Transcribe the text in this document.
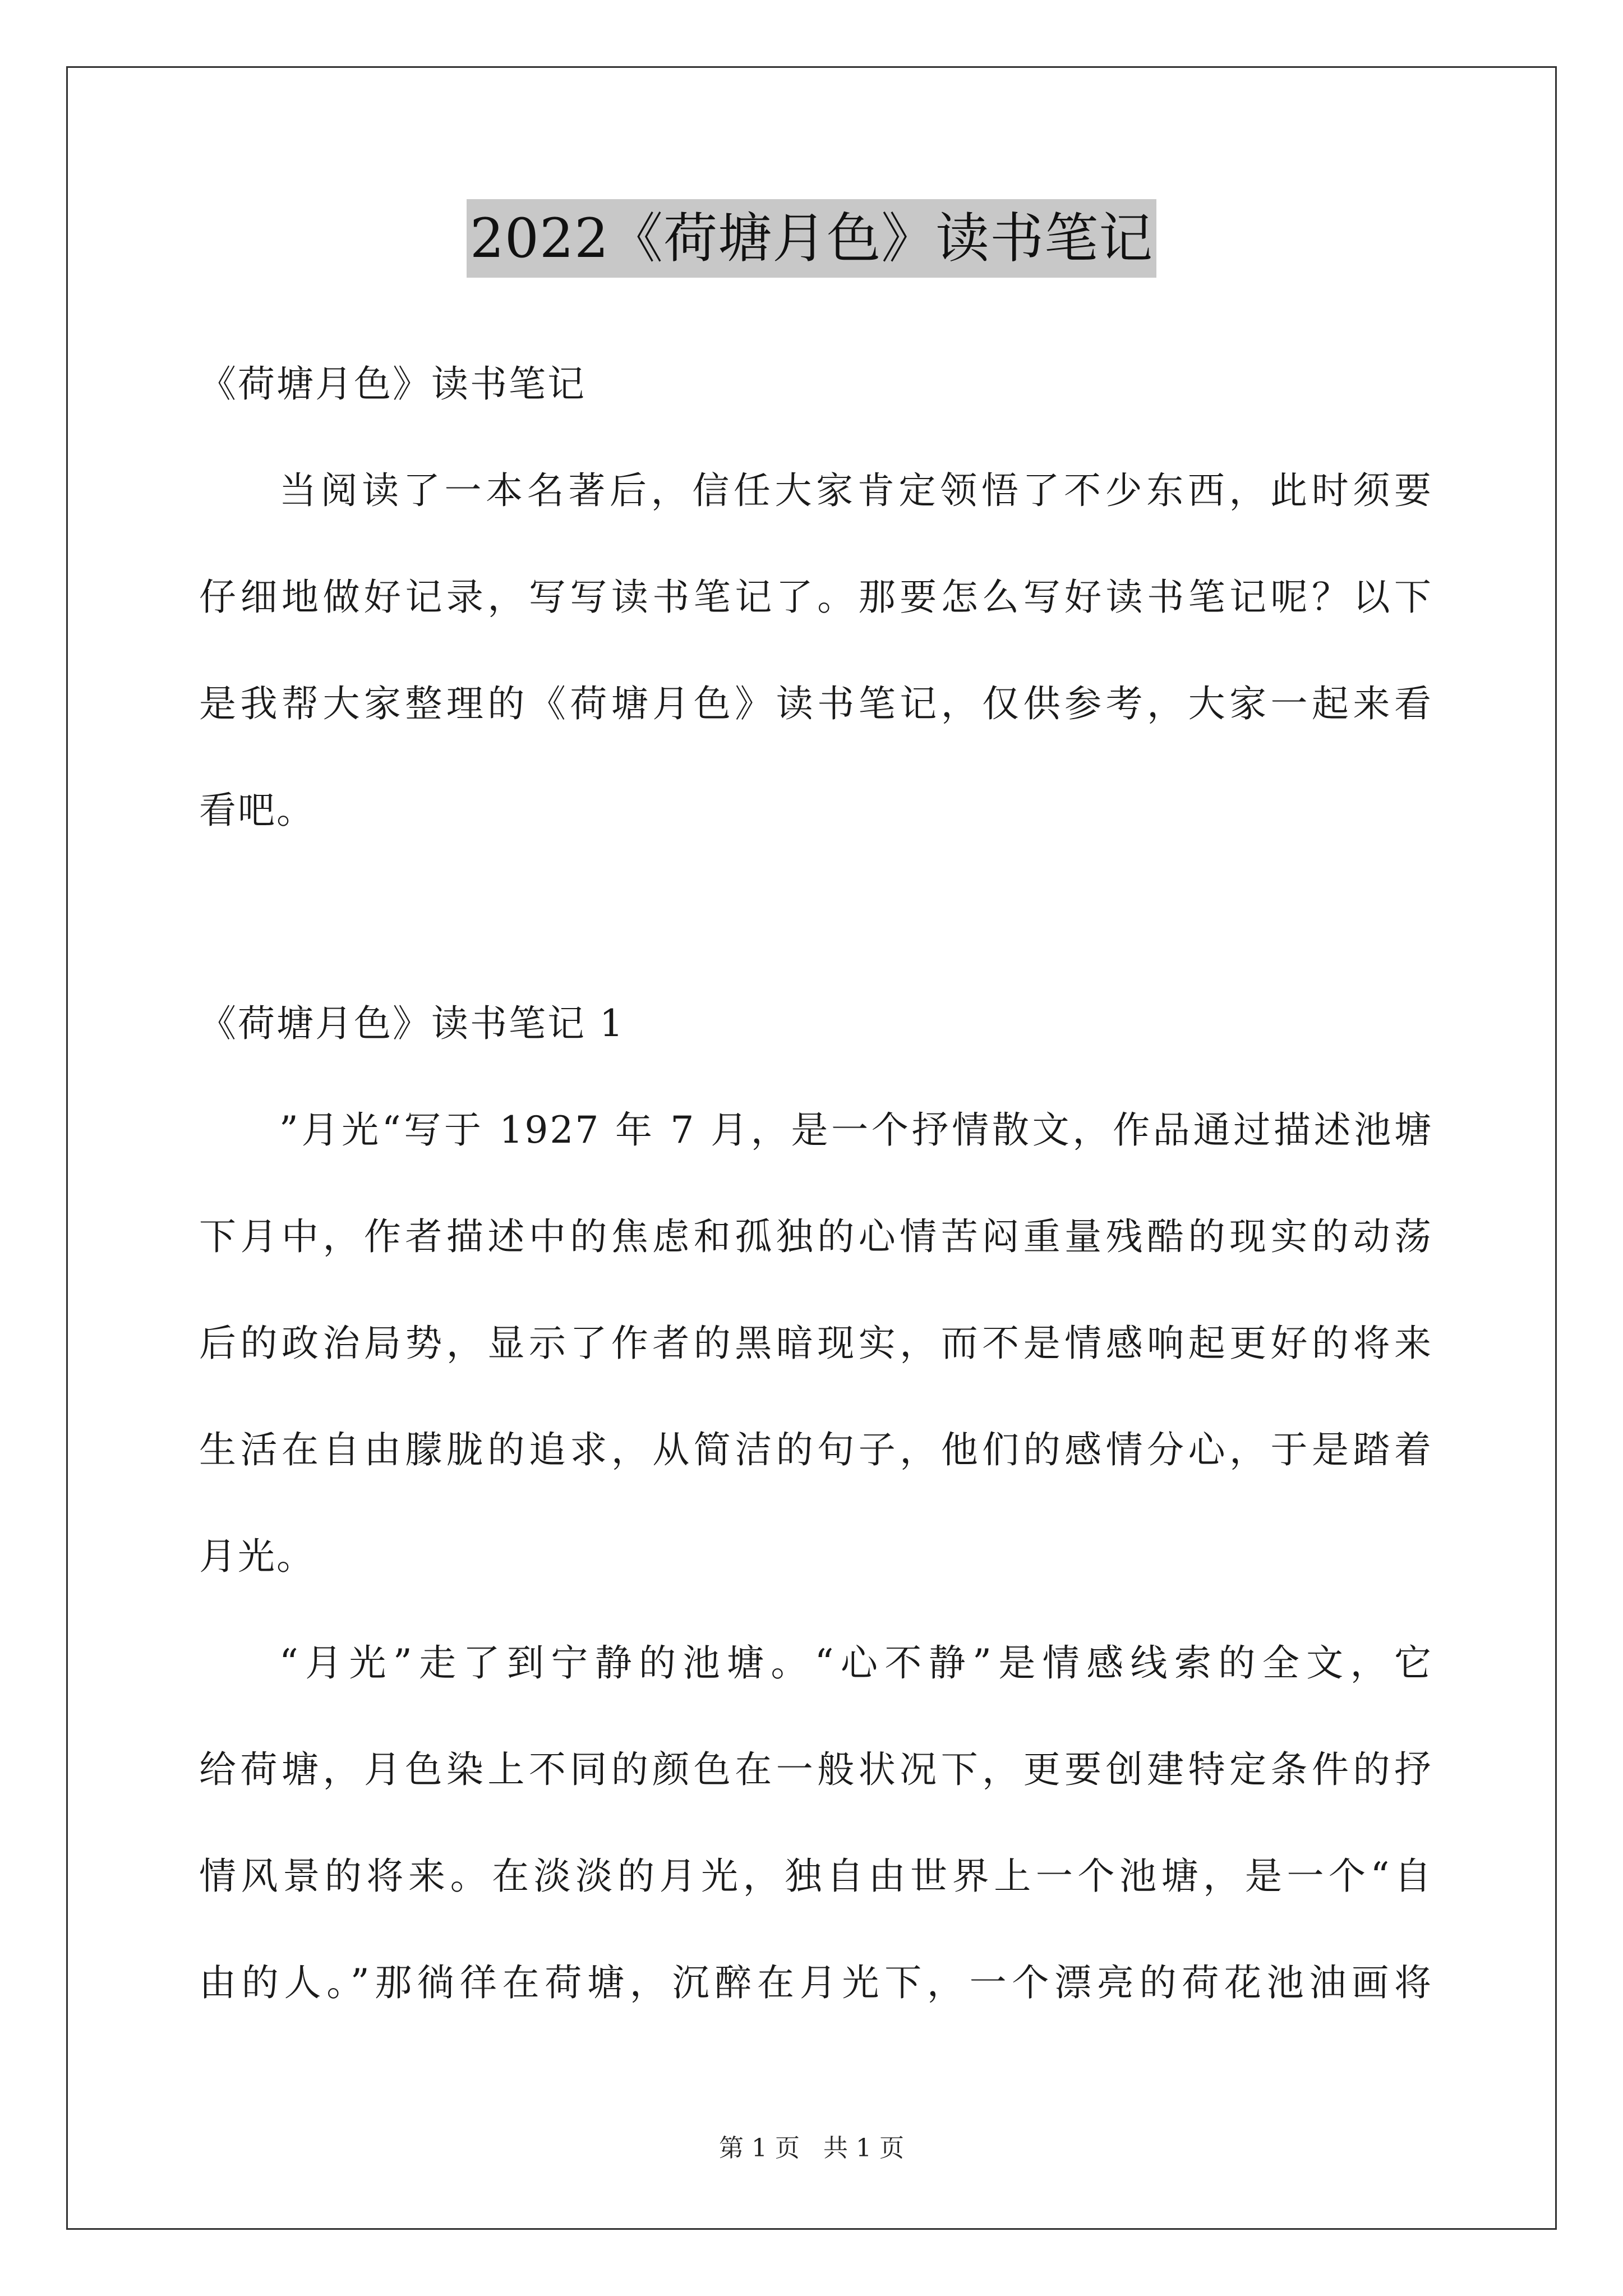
2022《荷塘月色》读书笔记
《荷塘月色》读书笔记
当阅读了一本名著后，信任大家肯定领悟了不少东西，此时须要
仔细地做好记录，写写读书笔记了。那要怎么写好读书笔记呢？以下
是我帮大家整理的《荷塘月色》读书笔记，仅供参考，大家一起来看
看吧。
《荷塘月色》读书笔记 1
”月光“写于 1927 年 7 月，是一个抒情散文，作品通过描述池塘
下月中，作者描述中的焦虑和孤独的心情苦闷重量残酷的现实的动荡
后的政治局势，显示了作者的黑暗现实，而不是情感响起更好的将来
生活在自由朦胧的追求，从简洁的句子，他们的感情分心，于是踏着
月光。
“月光”走了到宁静的池塘。“心不静”是情感线索的全文，它
给荷塘，月色染上不同的颜色在一般状况下，更要创建特定条件的抒
情风景的将来。在淡淡的月光，独自由世界上一个池塘，是一个“自
由的人。”那徜徉在荷塘，沉醉在月光下，一个漂亮的荷花池油画将
第 1 页   共 1 页
